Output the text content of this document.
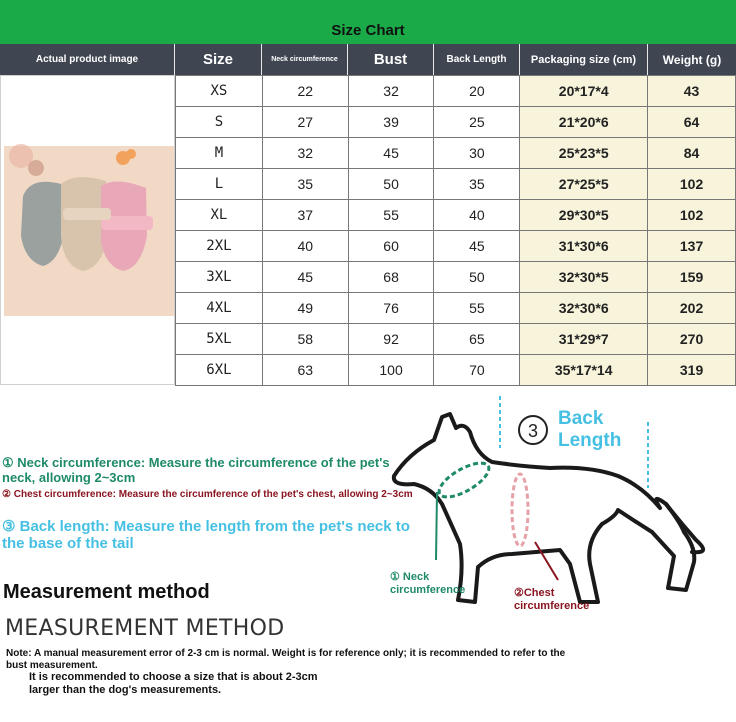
Size Chart
Actual product image	Size	Neck circumference	Bust	Back Length	Packaging size (cm)	Weight (g)
XS	22	32	20	20*17*4	43
S	27	39	25	21*20*6	64
M	32	45	30	25*23*5	84
L	35	50	35	27*25*5	102
XL	37	55	40	29*30*5	102
2XL	40	60	45	31*30*6	137
3XL	45	68	50	32*30*5	159
4XL	49	76	55	32*30*6	202
5XL	58	92	65	31*29*7	270
6XL	63	100	70	35*17*14	319
① Neck circumference: Measure the circumference of the pet's neck, allowing 2~3cm
② Chest circumference: Measure the circumference of the pet's chest, allowing 2~3cm
③ Back length: Measure the length from the pet's neck to the base of the tail
3
Back
Length
① Neck
circumference	②Chest
circumference
Measurement method
MEASUREMENT METHOD
Note: A manual measurement error of 2-3 cm is normal. Weight is for reference only; it is recommended to refer to the bust measurement.
It is recommended to choose a size that is about 2-3cm larger than the dog's measurements.
